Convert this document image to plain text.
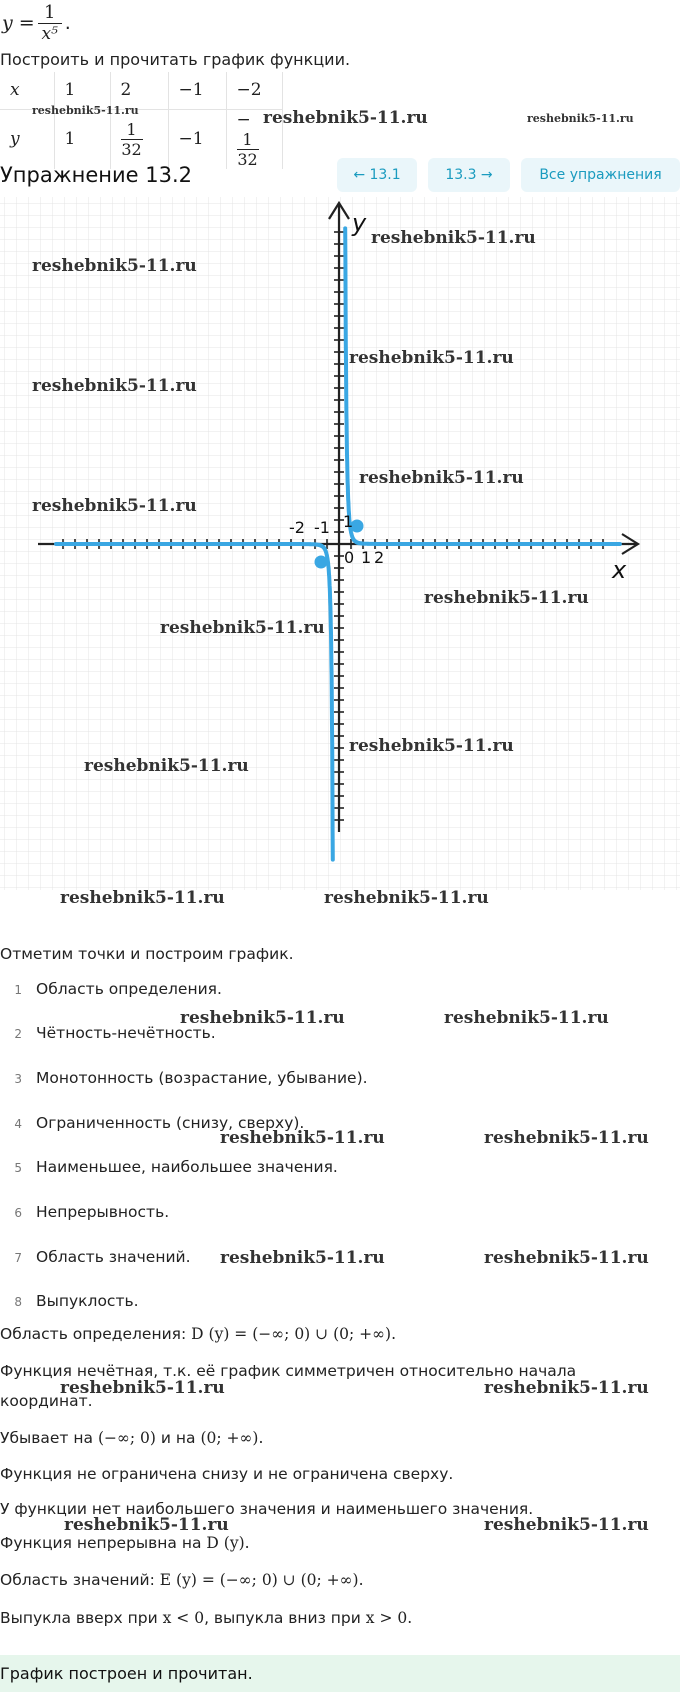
$y = \frac{1}{\text{x⁵}}$ .
Построить и прочитать график функции.
x	1	2	−1	−2
y	1	$\frac{1}{32}$	−1	−
$\frac{1}{32}$
Упражнение 13.2	← 13.1	13.3 →	Все упражнения
x
y
-2 -1 1
0 1 2
Отметим точки и построим график.
1 Область определения.
2 Чётность-нечётность.
3 Монотонность (возрастание, убывание).
4 Ограниченность (снизу, сверху).
5 Наименьшее, наибольшее значения.
6 Непрерывность.
7 Область значений.
8 Выпуклость.
Область определения: D (y) = (−∞; 0) ∪ (0; +∞).
Функция нечётная, т.к. её график симметричен относительно начала
координат.
Убывает на (−∞; 0) и на (0; +∞).
Функция не ограничена снизу и не ограничена сверху.
У функции нет наибольшего значения и наименьшего значения.
Функция непрерывна на D (y).
Область значений: E (y) = (−∞; 0) ∪ (0; +∞).
Выпукла вверх при x < 0, выпукла вниз при x > 0.
График построен и прочитан.
reshebnik5-11.ru	reshebnik5-11.ru	reshebnik5-11.ru
reshebnik5-11.ru
reshebnik5-11.ru
reshebnik5-11.ru
reshebnik5-11.ru
reshebnik5-11.ru
reshebnik5-11.ru
reshebnik5-11.ru
reshebnik5-11.ru
reshebnik5-11.ru
reshebnik5-11.ru
reshebnik5-11.ru	reshebnik5-11.ru
reshebnik5-11.ru	reshebnik5-11.ru
reshebnik5-11.ru	reshebnik5-11.ru
reshebnik5-11.ru	reshebnik5-11.ru
reshebnik5-11.ru	reshebnik5-11.ru
reshebnik5-11.ru	reshebnik5-11.ru
